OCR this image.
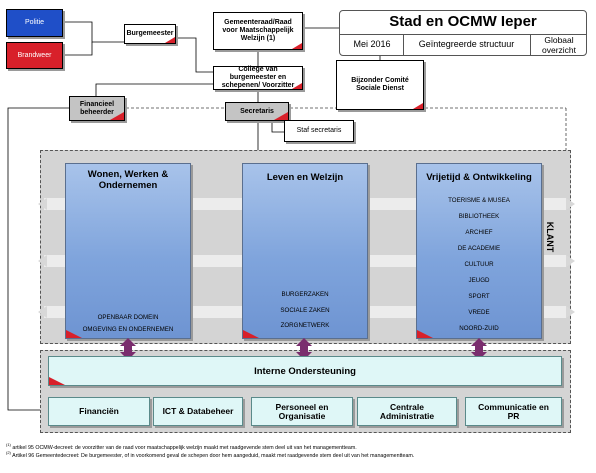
Stad en OCMW Ieper
Mei 2016	Geïntegreerde structuur	Globaal overzicht
Politie
Brandweer
Burgemeester
Gemeenteraad/Raad voor Maatschappelijk Welzijn (1)
College van burgemeester en schepenen/ Voorzitter
Bijzonder Comité Sociale Dienst
Financieel beheerder	Secretaris
Staf secretaris
KLANT
Wonen, Werken & Ondernemen
OPENBAAR DOMEIN
OMGEVING EN ONDERNEMEN
Leven en Welzijn
BURGERZAKEN
SOCIALE ZAKEN
ZORGNETWERK
Vrijetijd & Ontwikkeling
TOERISME & MUSEA
BIBLIOTHEEK
ARCHIEF
DE ACADEMIE
CULTUUR
JEUGD
SPORT
VREDE
NOORD-ZUID
Interne Ondersteuning
Financiën	ICT & Databeheer	Personeel en Organisatie
Centrale Administratie
Communicatie en PR
$^{(1)}$ artikel 95 OCMW-decreet: de voorzitter van de raad voor maatschappelijk welzijn maakt met raadgevende stem deel uit van het managementteam.
$^{(2)}$ Artikel 96 Gemeentedecreet: De burgemeester, of in voorkomend geval de schepen door hem aangeduid, maakt met raadgevende stem deel uit van het managementteam.
